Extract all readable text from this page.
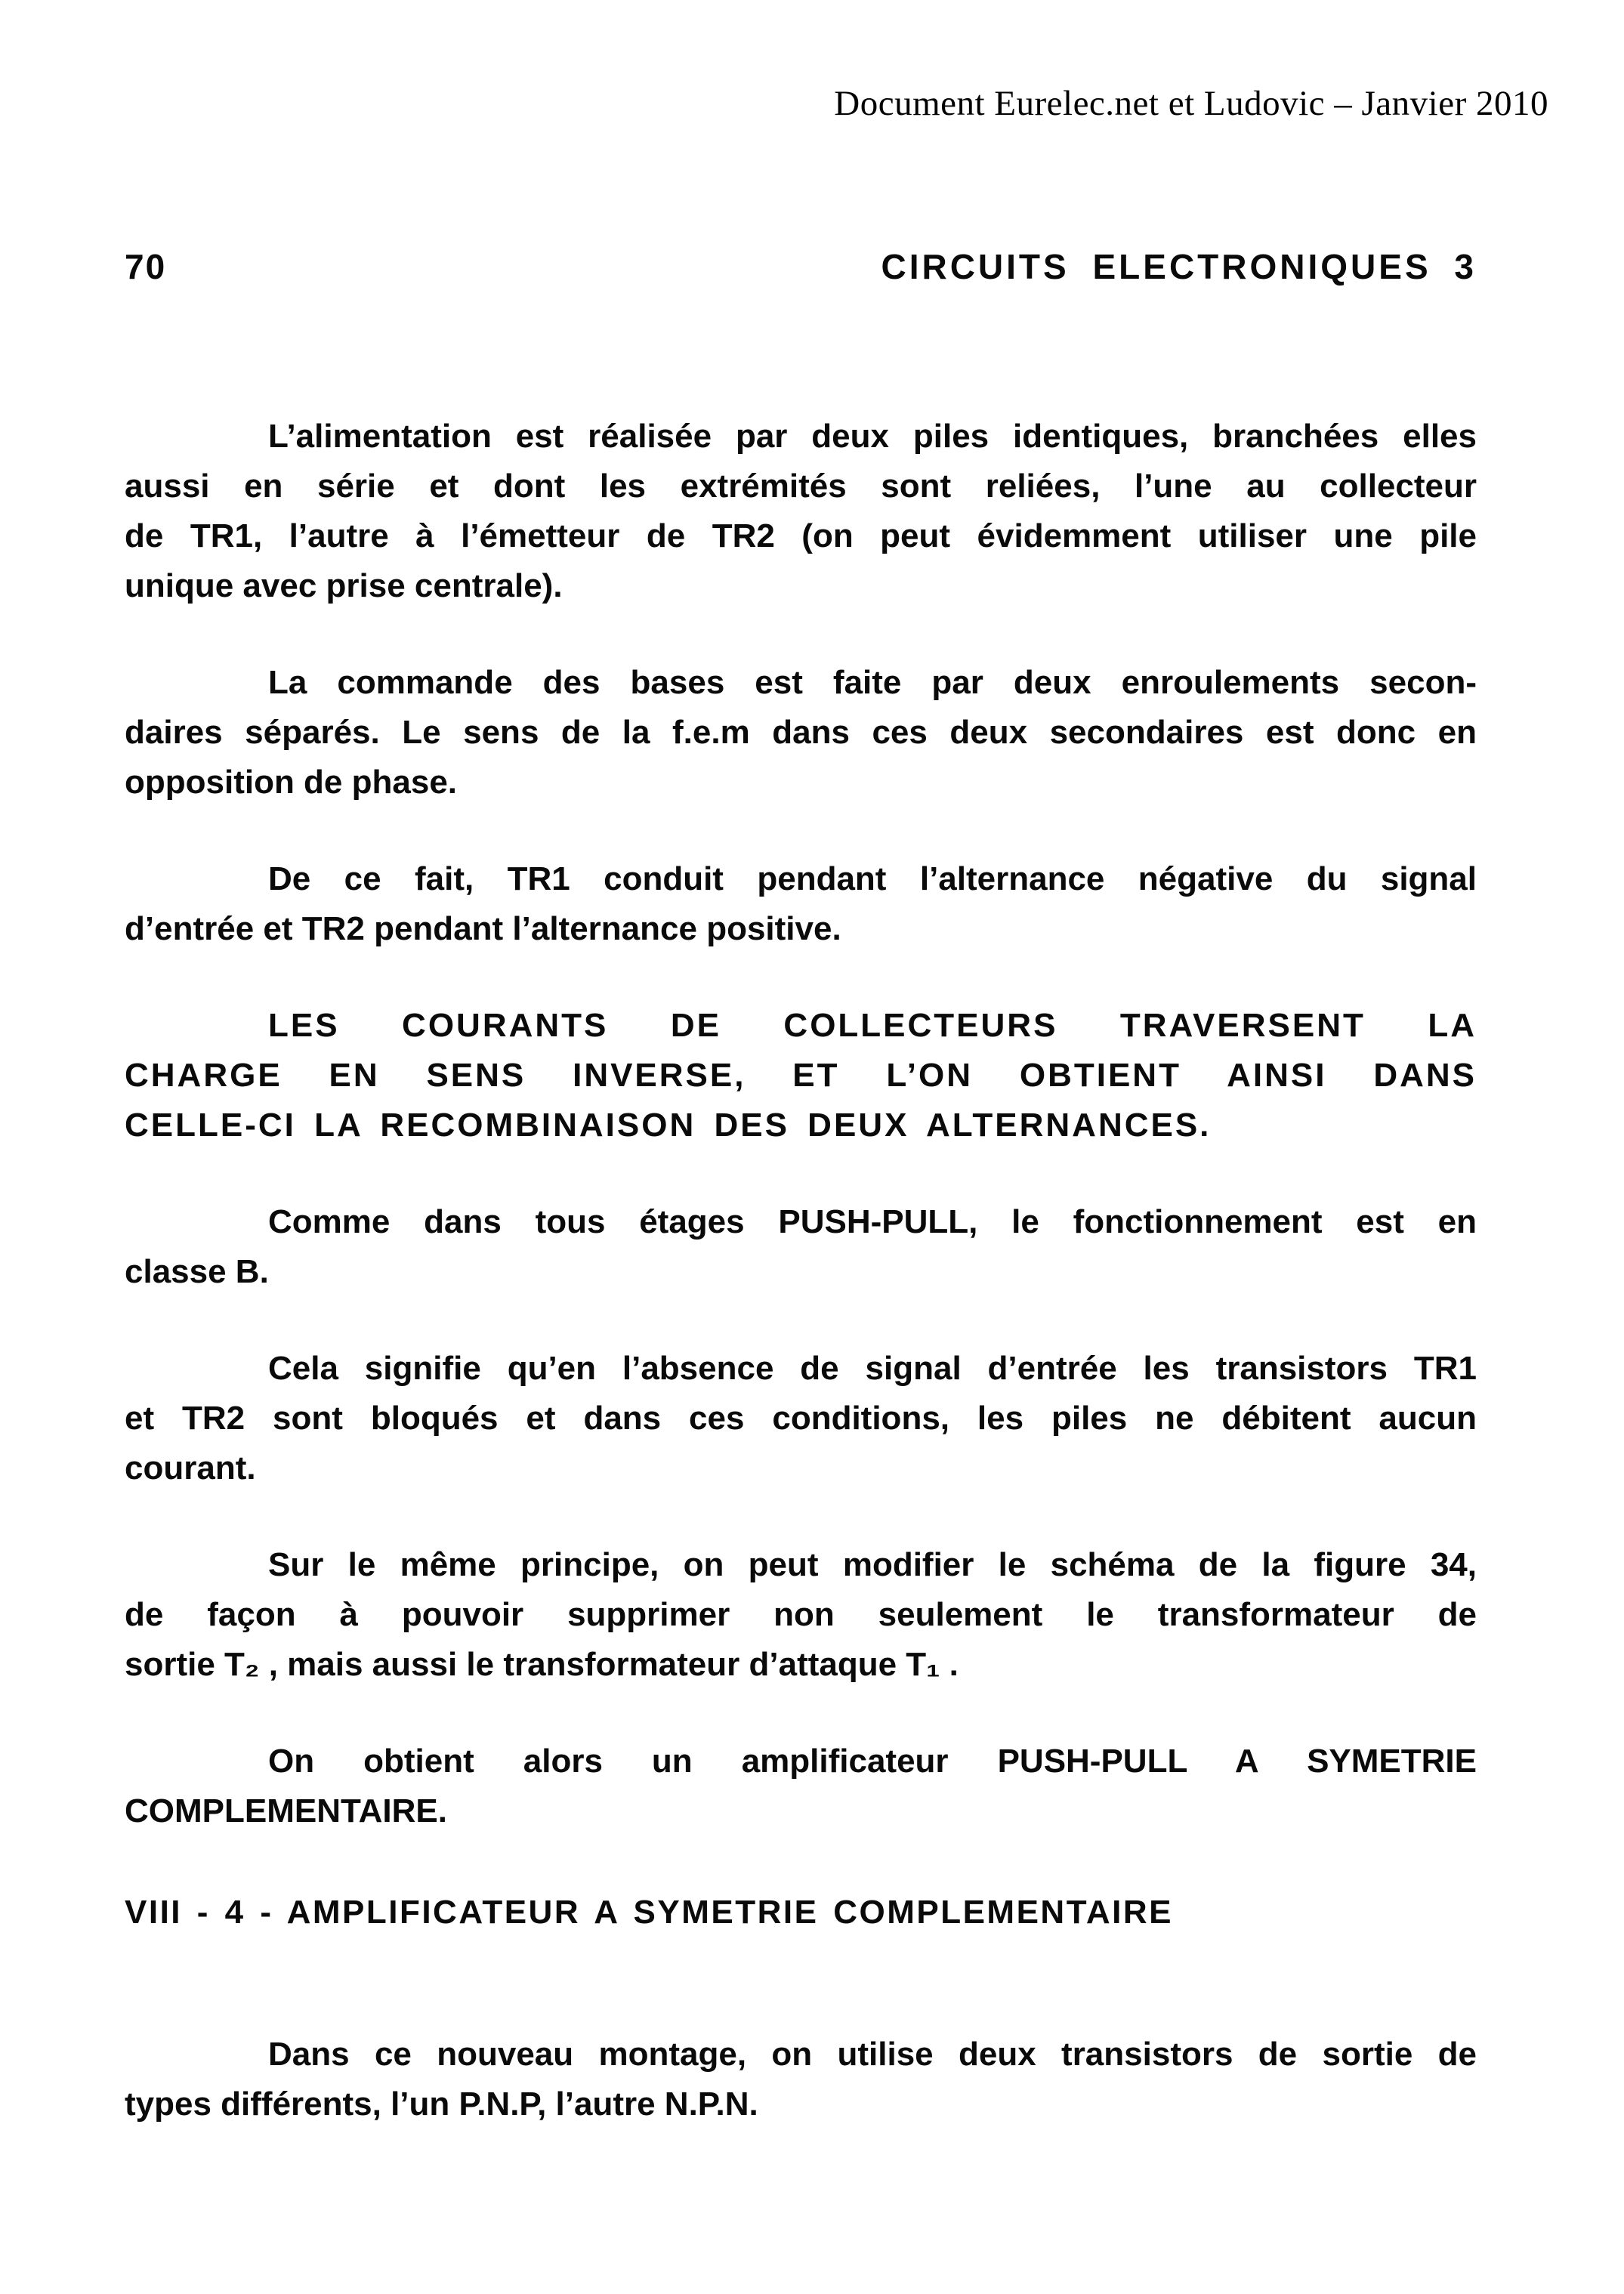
Document Eurelec.net et Ludovic – Janvier 2010
70	CIRCUITS ELECTRONIQUES 3
L’alimentation est réalisée par deux piles identiques, branchées elles
aussi en série et dont les extrémités sont reliées, l’une au collecteur
de TR1, l’autre à l’émetteur de TR2 (on peut évidemment utiliser une pile
unique avec prise centrale).
La commande des bases est faite par deux enroulements secon-
daires séparés. Le sens de la f.e.m dans ces deux secondaires est donc en
opposition de phase.
De ce fait, TR1 conduit pendant l’alternance négative du signal
d’entrée et TR2 pendant l’alternance positive.
LES COURANTS DE COLLECTEURS TRAVERSENT LA
CHARGE EN SENS INVERSE, ET L’ON OBTIENT AINSI DANS
CELLE-CI LA RECOMBINAISON DES DEUX ALTERNANCES.
Comme dans tous étages PUSH-PULL, le fonctionnement est en
classe B.
Cela signifie qu’en l’absence de signal d’entrée les transistors TR1
et TR2 sont bloqués et dans ces conditions, les piles ne débitent aucun
courant.
Sur le même principe, on peut modifier le schéma de la figure 34,
de façon à pouvoir supprimer non seulement le transformateur de
sortie T₂ , mais aussi le transformateur d’attaque T₁ .
On obtient alors un amplificateur PUSH-PULL A SYMETRIE
COMPLEMENTAIRE.
VIII - 4 - AMPLIFICATEUR A SYMETRIE COMPLEMENTAIRE
Dans ce nouveau montage, on utilise deux transistors de sortie de
types différents, l’un P.N.P, l’autre N.P.N.
